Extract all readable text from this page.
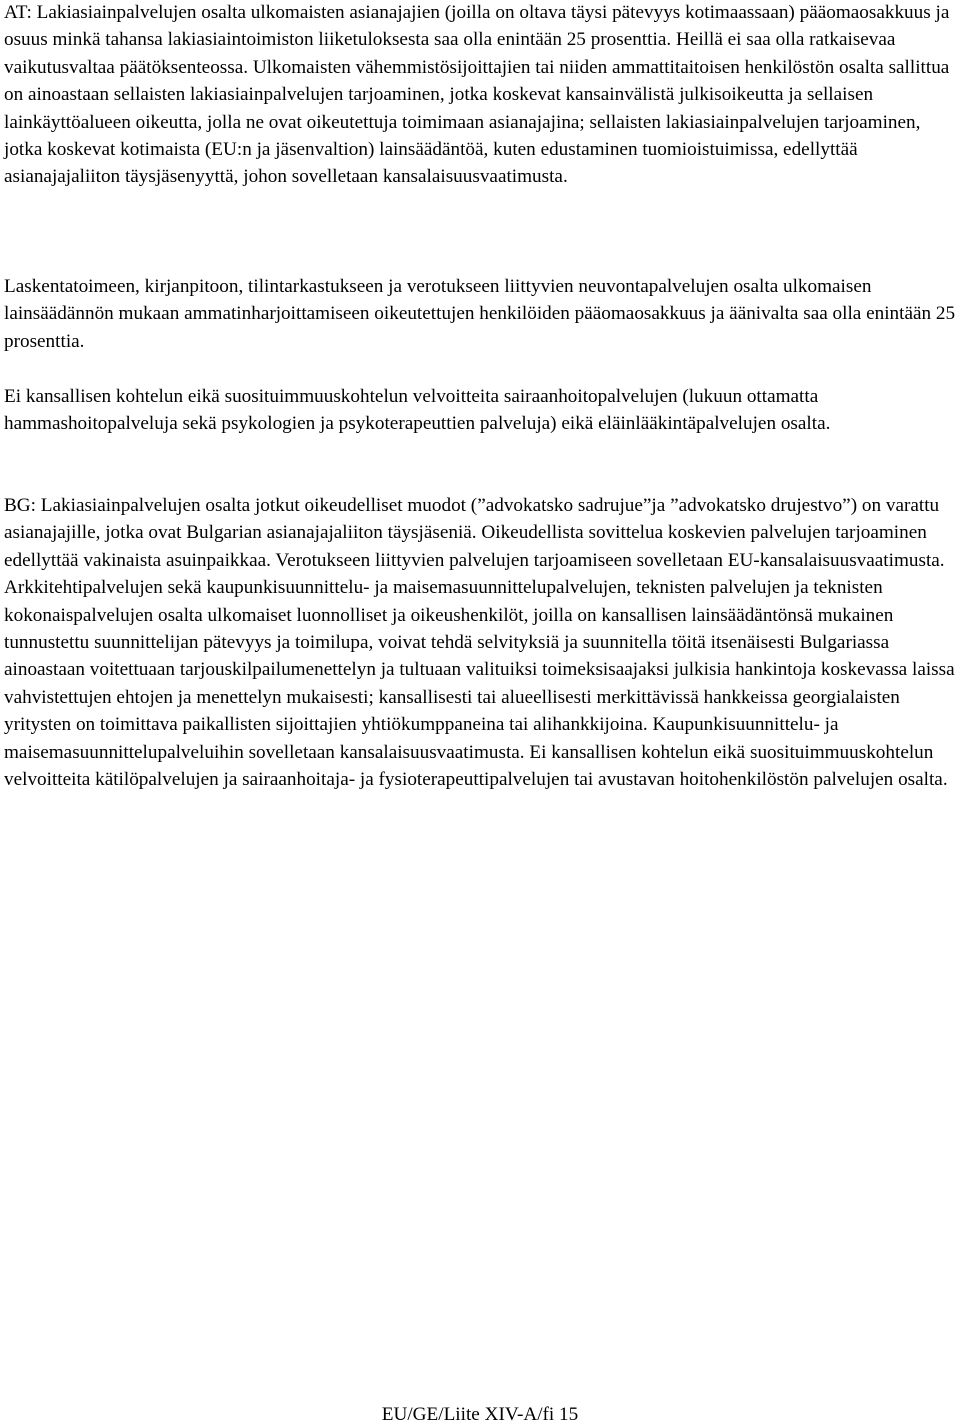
AT: Lakiasiainpalvelujen osalta ulkomaisten asianajajien (joilla on oltava täysi pätevyys kotimaassaan) pääomaosakkuus ja osuus minkä tahansa lakiasiaintoimiston liiketuloksesta saa olla enintään 25 prosenttia. Heillä ei saa olla ratkaisevaa vaikutusvaltaa päätöksenteossa. Ulkomaisten vähemmistösijoittajien tai niiden ammattitaitoisen henkilöstön osalta sallittua on ainoastaan sellaisten lakiasiainpalvelujen tarjoaminen, jotka koskevat kansainvälistä julkisoikeutta ja sellaisen lainkäyttöalueen oikeutta, jolla ne ovat oikeutettuja toimimaan asianajajina; sellaisten lakiasiainpalvelujen tarjoaminen, jotka koskevat kotimaista (EU:n ja jäsenvaltion) lainsäädäntöä, kuten edustaminen tuomioistuimissa, edellyttää asianajajaliiton täysjäsenyyttä, johon sovelletaan kansalaisuusvaatimusta.

Laskentatoimeen, kirjanpitoon, tilintarkastukseen ja verotukseen liittyvien neuvontapalvelujen osalta ulkomaisen lainsäädännön mukaan ammatinharjoittamiseen oikeutettujen henkilöiden pääomaosakkuus ja äänivalta saa olla enintään 25 prosenttia.

Ei kansallisen kohtelun eikä suosituimmuuskohtelun velvoitteita sairaanhoitopalvelujen (lukuun ottamatta hammashoitopalveluja sekä psykologien ja psykoterapeuttien palveluja) eikä eläinlääkintäpalvelujen osalta.

BG: Lakiasiainpalvelujen osalta jotkut oikeudelliset muodot (”advokatsko sadrujue”ja ”advokatsko drujestvo”) on varattu asianajajille, jotka ovat Bulgarian asianajajaliiton täysjäseniä. Oikeudellista sovittelua koskevien palvelujen tarjoaminen edellyttää vakinaista asuinpaikkaa. Verotukseen liittyvien palvelujen tarjoamiseen sovelletaan EU-kansalaisuusvaatimusta. Arkkitehtipalvelujen sekä kaupunkisuunnittelu- ja maisemasuunnittelupalvelujen, teknisten palvelujen ja teknisten kokonaispalvelujen osalta ulkomaiset luonnolliset ja oikeushenkilöt, joilla on kansallisen lainsäädäntönsä mukainen tunnustettu suunnittelijan pätevyys ja toimilupa, voivat tehdä selvityksiä ja suunnitella töitä itsenäisesti Bulgariassa ainoastaan voitettuaan tarjouskilpailumenettelyn ja tultuaan valituiksi toimeksisaajaksi julkisia hankintoja koskevassa laissa vahvistettujen ehtojen ja menettelyn mukaisesti; kansallisesti tai alueellisesti merkittävissä hankkeissa georgialaisten yritysten on toimittava paikallisten sijoittajien yhtiökumppaneina tai alihankkijoina. Kaupunkisuunnittelu- ja maisemasuunnittelupalveluihin sovelletaan kansalaisuusvaatimusta. Ei kansallisen kohtelun eikä suosituimmuuskohtelun velvoitteita kätilöpalvelujen ja sairaanhoitaja- ja fysioterapeuttipalvelujen tai avustavan hoitohenkilöstön palvelujen osalta.

EU/GE/Liite XIV-A/fi 15
